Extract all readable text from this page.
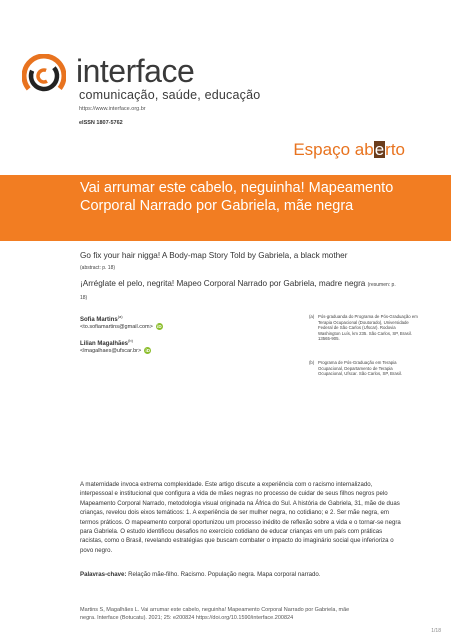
interface
comunicação, saúde, educação
https://www.interface.org.br
eISSN 1807-5762
Espaço aberto
Vai arrumar este cabelo, neguinha! Mapeamento Corporal Narrado por Gabriela, mãe negra
Go fix your hair nigga! A Body-map Story Told by Gabriela, a black mother
(abstract: p. 18)
¡Arréglate el pelo, negrita! Mapeo Corporal Narrado por Gabriela, madre negra (resumen: p. 18)
Sofia Martins$^{(a)}$
<to.sofiamartins@gmail.com> iD
Lilian Magalhães$^{(b)}$
<lmagalhaes@ufscar.br> iD
(a) Pós-graduanda do Programa de Pós-Graduação em Terapia Ocupacional (Doutorado), Universidade Federal de São Carlos (Ufscar). Rodovia Washington Luís, km 235. São Carlos, SP, Brasil. 13565-905.
(b) Programa de Pós-Graduação em Terapia Ocupacional, Departamento de Terapia Ocupacional, Ufscar. São Carlos, SP, Brasil.
A maternidade invoca extrema complexidade. Este artigo discute a experiência com o racismo internalizado, interpessoal e institucional que configura a vida de mães negras no processo de cuidar de seus filhos negros pelo Mapeamento Corporal Narrado, metodologia visual originada na África do Sul. A história de Gabriela, 31, mãe de duas crianças, revelou dois eixos temáticos: 1. A experiência de ser mulher negra, no cotidiano; e 2. Ser mãe negra, em termos práticos. O mapeamento corporal oportunizou um processo inédito de reflexão sobre a vida e o tornar-se negra para Gabriela. O estudo identificou desafios no exercício cotidiano de educar crianças em um país com práticas racistas, como o Brasil, revelando estratégias que buscam combater o impacto do imaginário social que inferioriza o povo negro.
Palavras-chave: Relação mãe-filho. Racismo. População negra. Mapa corporal narrado.
Martins S, Magalhães L. Vai arrumar este cabelo, neguinha! Mapeamento Corporal Narrado por Gabriela, mãe
negra. Interface (Botucatu). 2021; 25: e200824 https://doi.org/10.1590/interface.200824
1/18
